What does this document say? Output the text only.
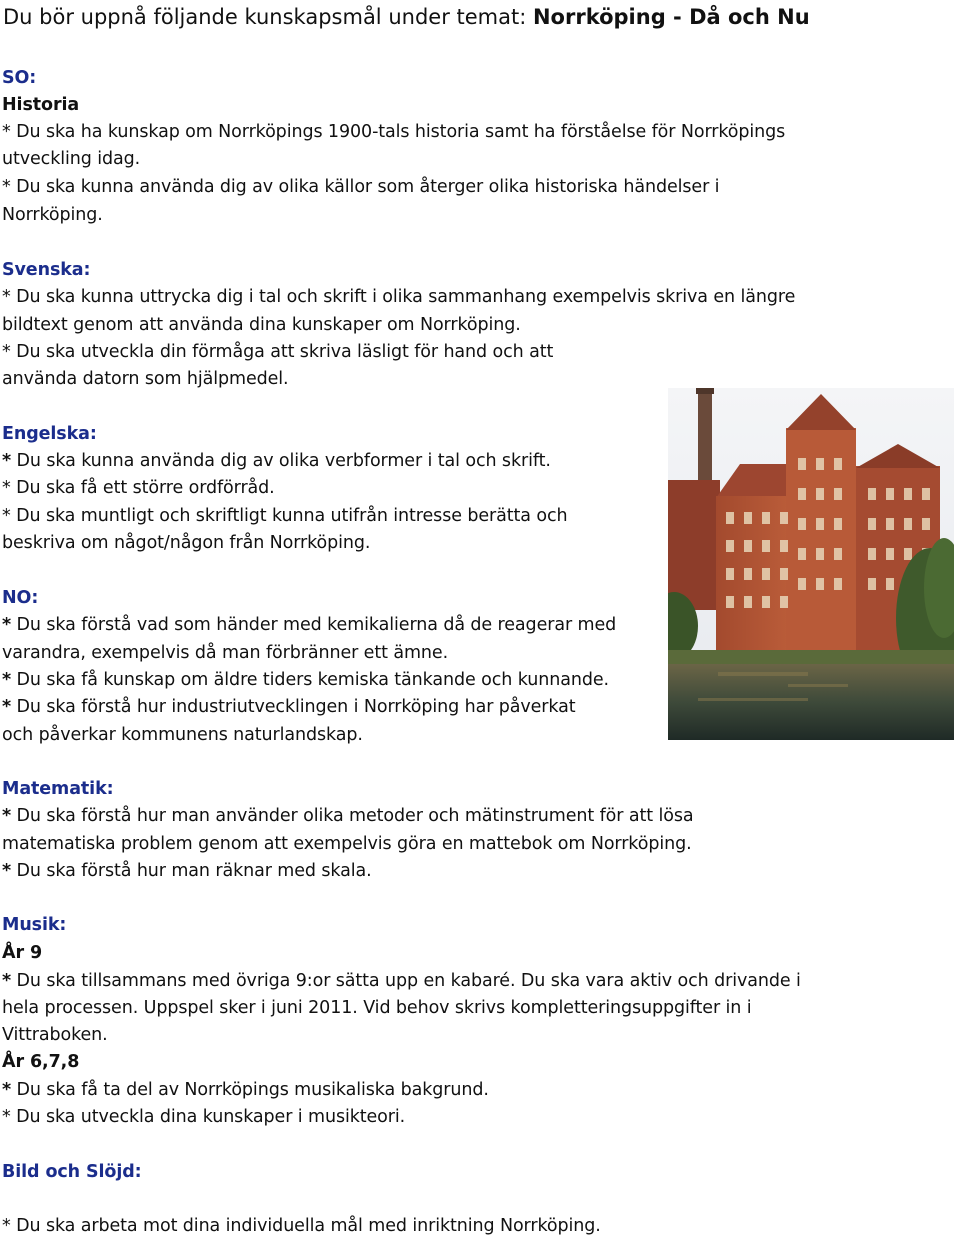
Du bör uppnå följande kunskapsmål under temat: Norrköping - Då och Nu
SO:
Historia
* Du ska ha kunskap om Norrköpings 1900-tals historia samt ha förståelse för Norrköpings
utveckling idag.
* Du ska kunna använda dig av olika källor som återger olika historiska händelser i
Norrköping.
Svenska:
* Du ska kunna uttrycka dig i tal och skrift i olika sammanhang exempelvis skriva en längre
bildtext genom att använda dina kunskaper om Norrköping.
* Du ska utveckla din förmåga att skriva läsligt för hand och att
använda datorn som hjälpmedel.
Engelska:
* Du ska kunna använda dig av olika verbformer i tal och skrift.
* Du ska få ett större ordförråd.
* Du ska muntligt och skriftligt kunna utifrån intresse berätta och
beskriva om något/någon från Norrköping.
NO:
* Du ska förstå vad som händer med kemikalierna då de reagerar med
varandra, exempelvis då man förbränner ett ämne.
* Du ska få kunskap om äldre tiders kemiska tänkande och kunnande.
* Du ska förstå hur industriutvecklingen i Norrköping har påverkat
och påverkar kommunens naturlandskap.
Matematik:
* Du ska förstå hur man använder olika metoder och mätinstrument för att lösa
matematiska problem genom att exempelvis göra en mattebok om Norrköping.
* Du ska förstå hur man räknar med skala.
Musik:
År 9
* Du ska tillsammans med övriga 9:or sätta upp en kabaré. Du ska vara aktiv och drivande i
hela processen. Uppspel sker i juni 2011. Vid behov skrivs kompletteringsuppgifter in i
Vittraboken.
År 6,7,8
* Du ska få ta del av Norrköpings musikaliska bakgrund.
* Du ska utveckla dina kunskaper i musikteori.
Bild och Slöjd:
* Du ska arbeta mot dina individuella mål med inriktning Norrköping.
